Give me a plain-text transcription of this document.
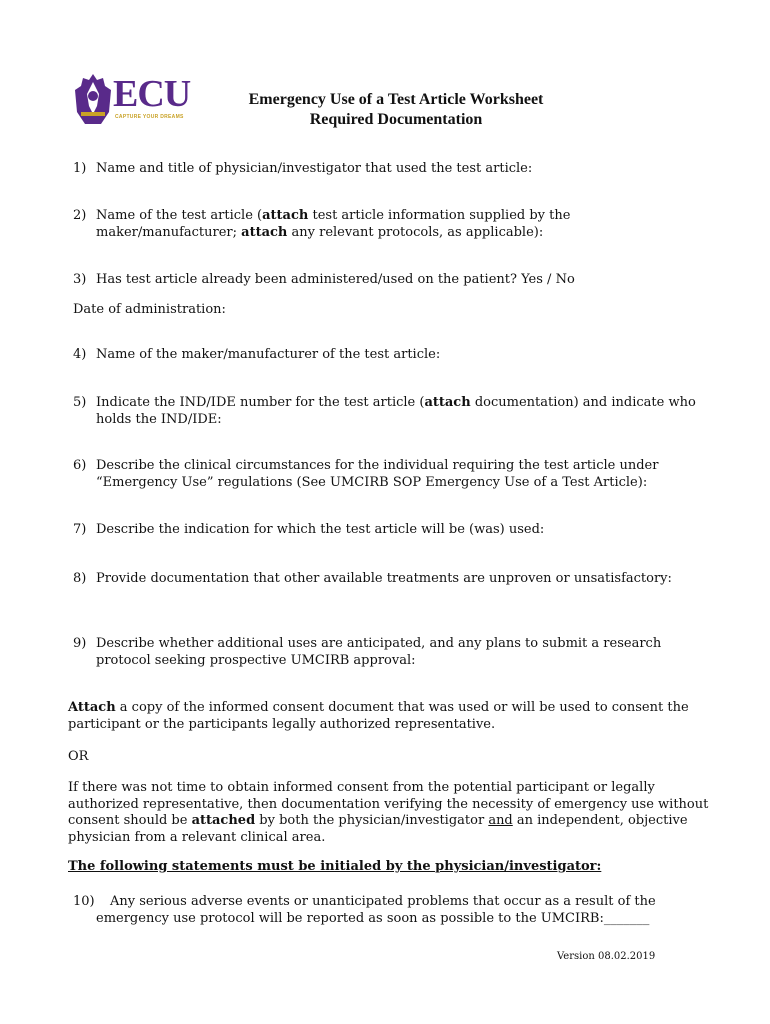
ECU
CAPTURE YOUR DREAMS
Emergency Use of a Test Article Worksheet
Required Documentation
1) Name and title of physician/investigator that used the test article:
2) Name of the test article (attach test article information supplied by the maker/manufacturer; attach any relevant protocols, as applicable):
3) Has test article already been administered/used on the patient? Yes / No
Date of administration:
4) Name of the maker/manufacturer of the test article:
5) Indicate the IND/IDE number for the test article (attach documentation) and indicate who holds the IND/IDE:
6) Describe the clinical circumstances for the individual requiring the test article under “Emergency Use” regulations (See UMCIRB SOP Emergency Use of a Test Article):
7) Describe the indication for which the test article will be (was) used:
8) Provide documentation that other available treatments are unproven or unsatisfactory:
9) Describe whether additional uses are anticipated, and any plans to submit a research protocol seeking prospective UMCIRB approval:
Attach a copy of the informed consent document that was used or will be used to consent the participant or the participants legally authorized representative.
OR
If there was not time to obtain informed consent from the potential participant or legally authorized representative, then documentation verifying the necessity of emergency use without consent should be attached by both the physician/investigator and an independent, objective physician from a relevant clinical area.
The following statements must be initialed by the physician/investigator:
10)	Any serious adverse events or unanticipated problems that occur as a result of the emergency use protocol will be reported as soon as possible to the UMCIRB:_______
Version 08.02.2019
